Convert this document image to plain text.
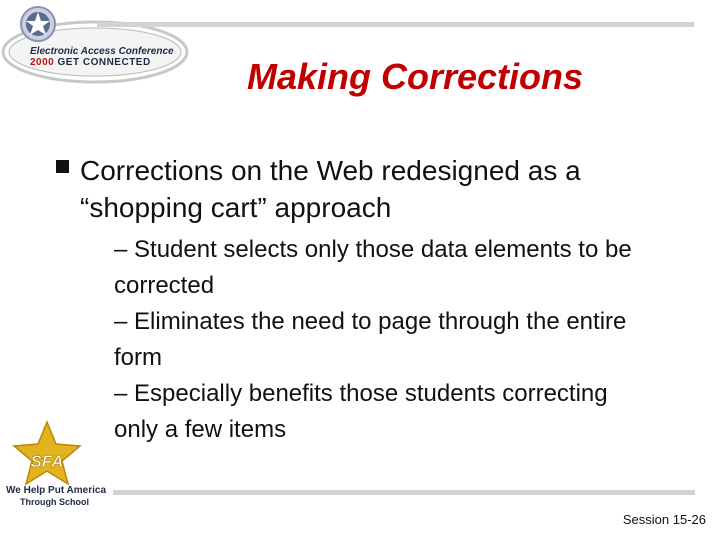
Electronic Access Conference
2000 GET CONNECTED	Making Corrections
Corrections on the Web redesigned as a “shopping cart” approach
– Student selects only those data elements to be
corrected
– Eliminates the need to page through the entire
form
– Especially benefits those students correcting
only a few items
SFA
We Help Put America
Through School
Session 15-26
